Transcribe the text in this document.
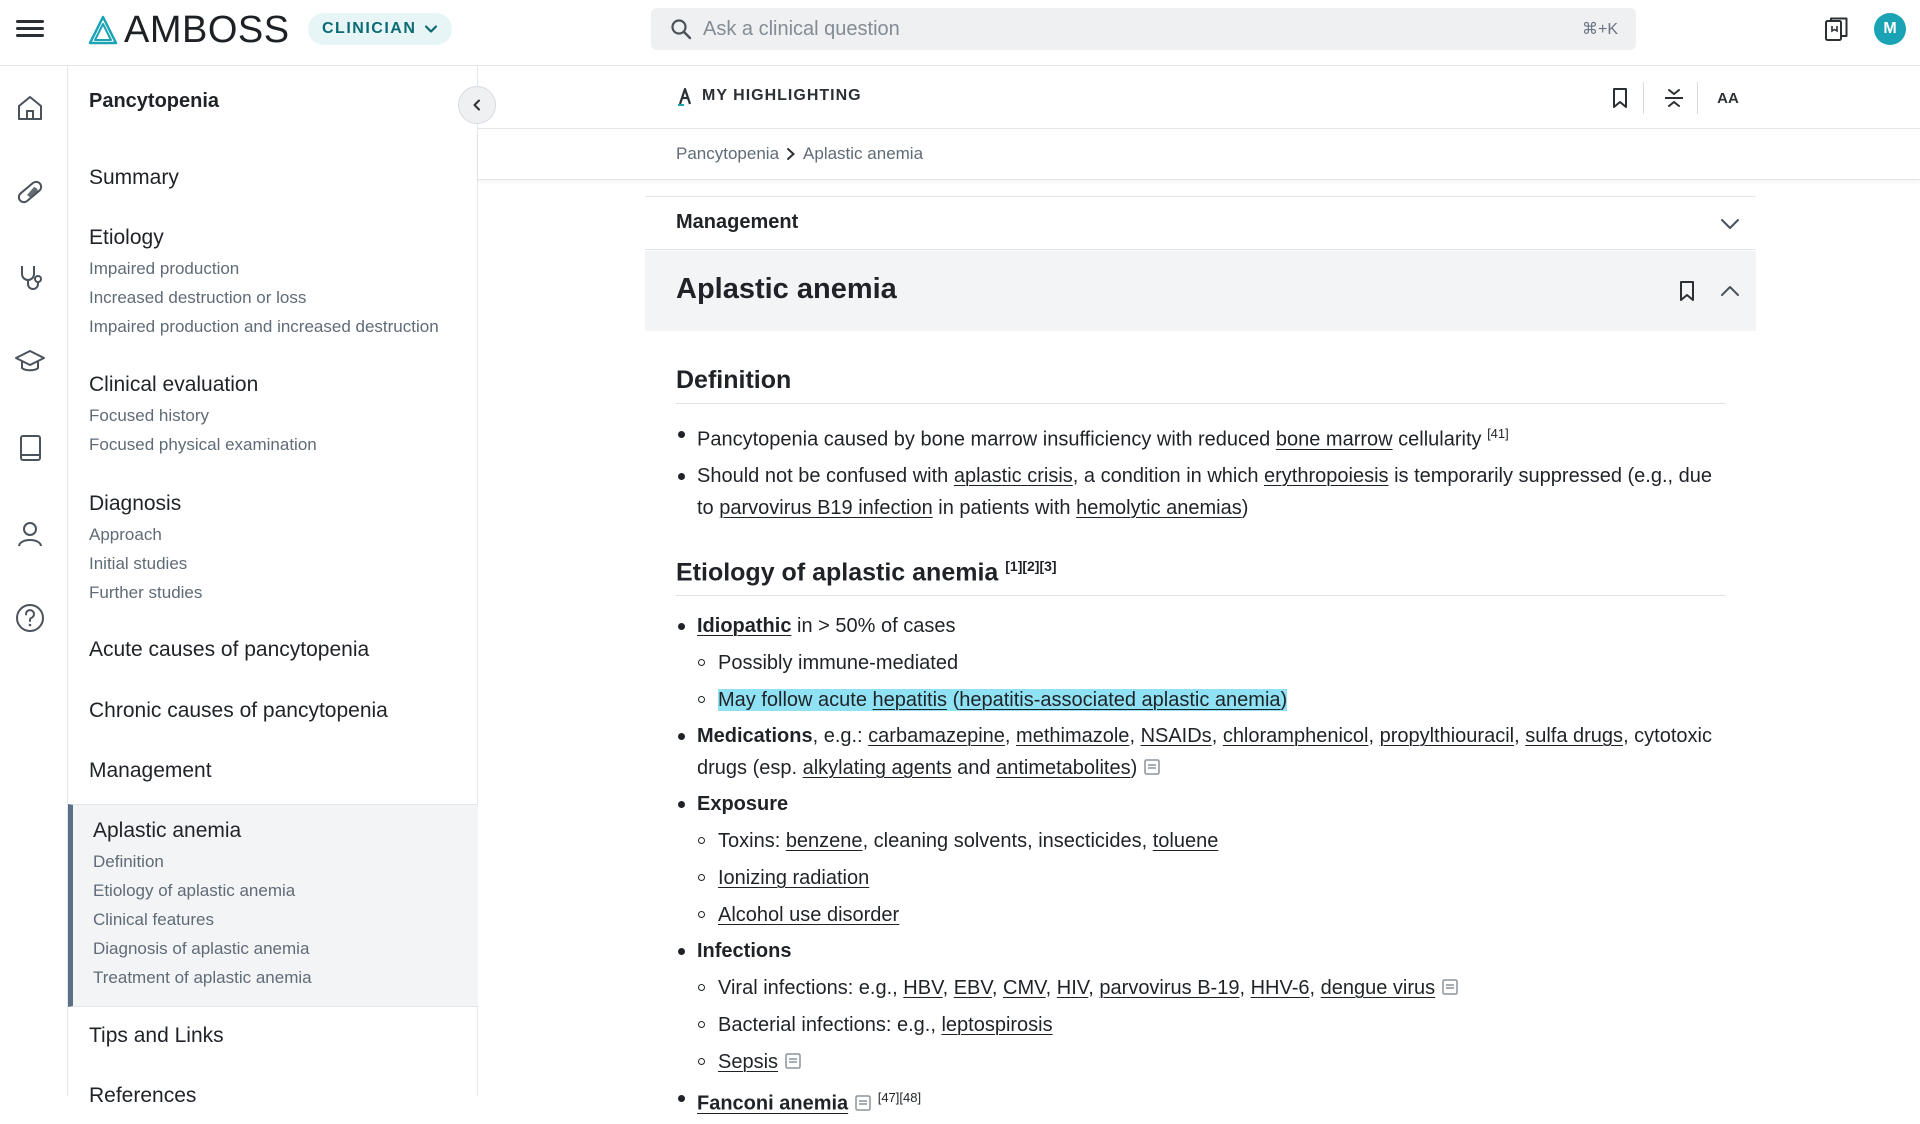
AMBOSS CLINICIAN
Ask a clinical question	⌘+K	M
Pancytopenia
Summary
Etiology
Impaired production
Increased destruction or loss
Impaired production and increased destruction
Clinical evaluation
Focused history
Focused physical examination
Diagnosis
Approach
Initial studies
Further studies
Acute causes of pancytopenia
Chronic causes of pancytopenia
Management
Aplastic anemia
Definition
Etiology of aplastic anemia
Clinical features
Diagnosis of aplastic anemia
Treatment of aplastic anemia
Tips and Links
References
MY HIGHLIGHTING	AA
Pancytopenia Aplastic anemia
Management
Aplastic anemia
Definition
Pancytopenia caused by bone marrow insufficiency with reduced bone marrow cellularity [41]
Should not be confused with aplastic crisis, a condition in which erythropoiesis is temporarily suppressed (e.g., due to parvovirus B19 infection in patients with hemolytic anemias)
Etiology of aplastic anemia [1][2][3]
Idiopathic in > 50% of cases
Possibly immune-mediated
May follow acute hepatitis (hepatitis-associated aplastic anemia)
Medications, e.g.: carbamazepine, methimazole, NSAIDs, chloramphenicol, propylthiouracil, sulfa drugs, cytotoxic drugs (esp. alkylating agents and antimetabolites)
Exposure
Toxins: benzene, cleaning solvents, insecticides, toluene
Ionizing radiation
Alcohol use disorder
Infections
Viral infections: e.g., HBV, EBV, CMV, HIV, parvovirus B-19, HHV-6, dengue virus
Bacterial infections: e.g., leptospirosis
Sepsis
Fanconi anemia [47][48]
